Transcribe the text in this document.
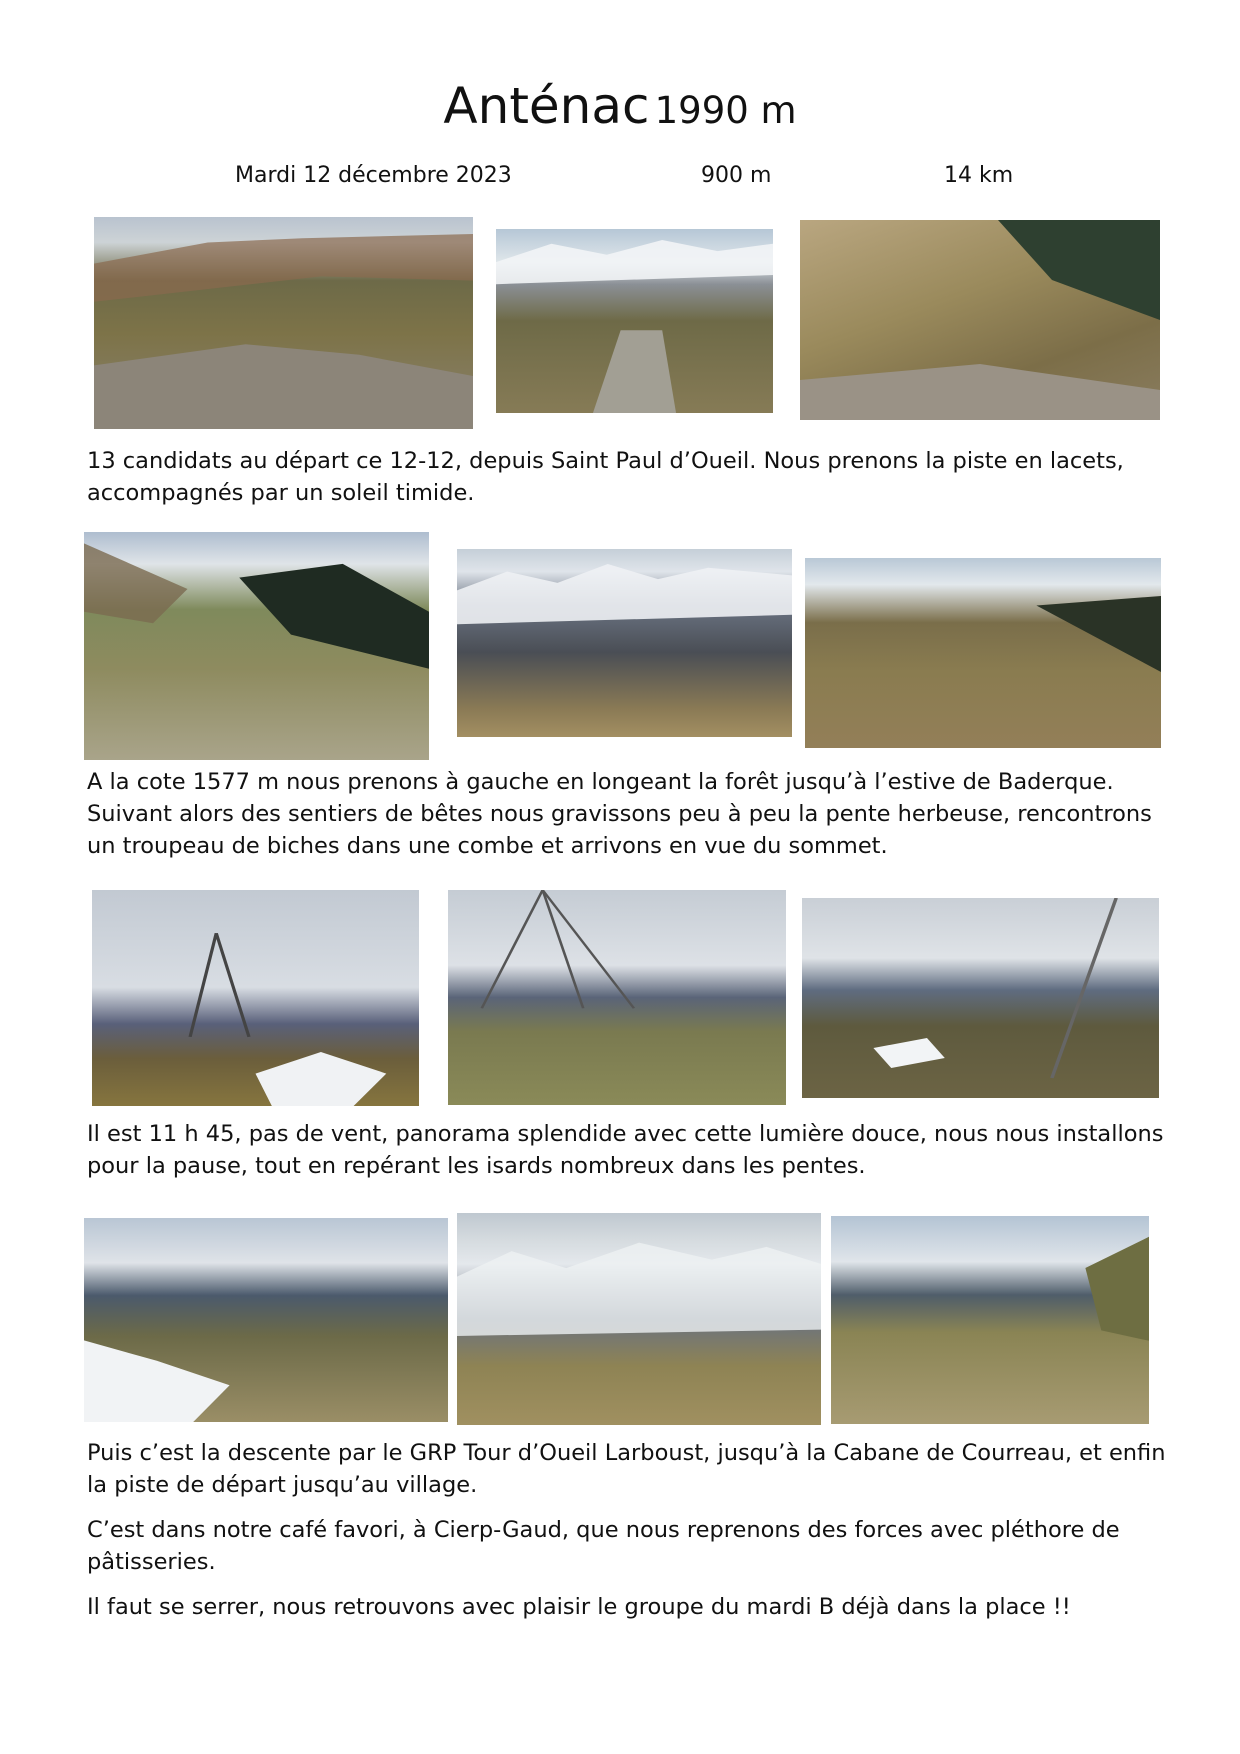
Anténac 1990 m
Mardi 12 décembre 2023	900 m	14 km

13 candidats au départ ce 12-12, depuis Saint Paul d’Oueil. Nous prenons la piste en lacets, accompagnés par un soleil timide.

A la cote 1577 m nous prenons à gauche en longeant la forêt jusqu’à l’estive de Baderque. Suivant alors des sentiers de bêtes nous gravissons peu à peu la pente herbeuse, rencontrons un troupeau de biches dans une combe et arrivons en vue du sommet.

Il est 11 h 45, pas de vent, panorama splendide avec cette lumière douce, nous nous installons pour la pause, tout en repérant les isards nombreux dans les pentes.

Puis c’est la descente par le GRP Tour d’Oueil Larboust, jusqu’à la Cabane de Courreau, et enfin la piste de départ jusqu’au village.

C’est dans notre café favori, à Cierp-Gaud, que nous reprenons des forces avec pléthore de pâtisseries.

Il faut se serrer, nous retrouvons avec plaisir le groupe du mardi B déjà dans la place !!
